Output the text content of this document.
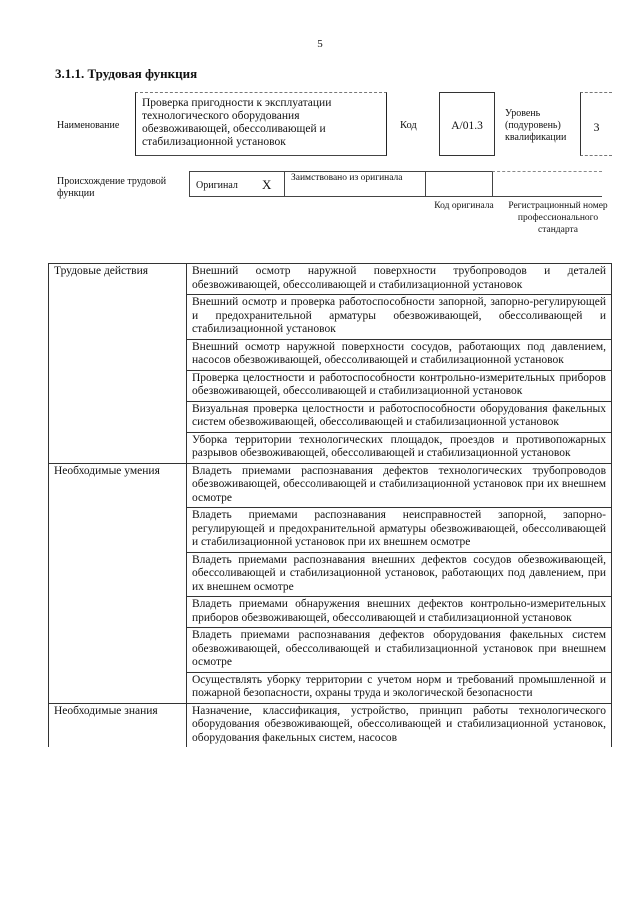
5
3.1.1. Трудовая функция
Наименование
Проверка пригодности к эксплуатации технологического оборудования обезвоживающей, обессоливающей и стабилизационной установок
Код	A/01.3
Уровень (подуровень) квалификации
3
Происхождение трудовой функции
Оригинал X	Заимствовано из оригинала
Код оригинала	Регистрационный номер профессионального стандарта
Трудовые действия	Внешний осмотр наружной поверхности трубопроводов и деталей обезвоживающей, обессоливающей и стабилизационной установок
	Внешний осмотр и проверка работоспособности запорной, запорно-регулирующей и предохранительной арматуры обезвоживающей, обессоливающей и стабилизационной установок
	Внешний осмотр наружной поверхности сосудов, работающих под давлением, насосов обезвоживающей, обессоливающей и стабилизационной установок
	Проверка целостности и работоспособности контрольно-измерительных приборов обезвоживающей, обессоливающей и стабилизационной установок
	Визуальная проверка целостности и работоспособности оборудования факельных систем обезвоживающей, обессоливающей и стабилизационной установок
	Уборка территории технологических площадок, проездов и противопожарных разрывов обезвоживающей, обессоливающей и стабилизационной установок
Необходимые умения	Владеть приемами распознавания дефектов технологических трубопроводов обезвоживающей, обессоливающей и стабилизационной установок при их внешнем осмотре
	Владеть приемами распознавания неисправностей запорной, запорно-регулирующей и предохранительной арматуры обезвоживающей, обессоливающей и стабилизационной установок при их внешнем осмотре
	Владеть приемами распознавания внешних дефектов сосудов обезвоживающей, обессоливающей и стабилизационной установок, работающих под давлением, при их внешнем осмотре
	Владеть приемами обнаружения внешних дефектов контрольно-измерительных приборов обезвоживающей, обессоливающей и стабилизационной установок
	Владеть приемами распознавания дефектов оборудования факельных систем обезвоживающей, обессоливающей и стабилизационной установок при внешнем осмотре
	Осуществлять уборку территории с учетом норм и требований промышленной и пожарной безопасности, охраны труда и экологической безопасности
Необходимые знания	Назначение, классификация, устройство, принцип работы технологического оборудования обезвоживающей, обессоливающей и стабилизационной установок, оборудования факельных систем, насосов
